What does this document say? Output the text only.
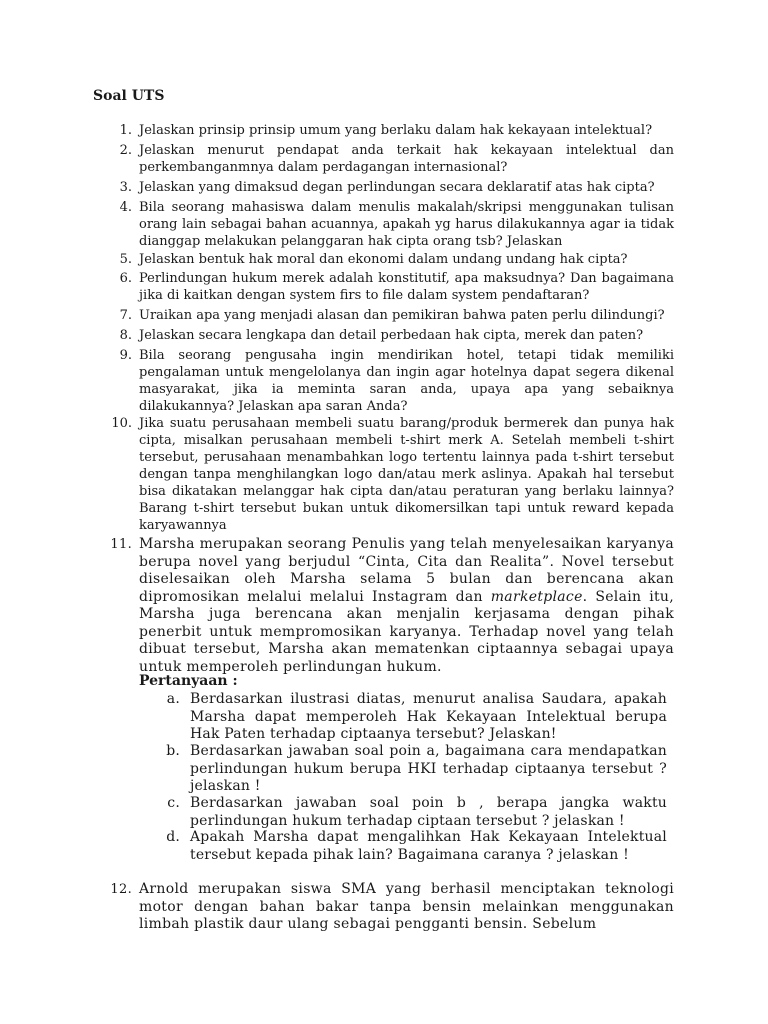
Soal UTS

1. Jelaskan prinsip prinsip umum yang berlaku dalam hak kekayaan intelektual?

2. Jelaskan menurut pendapat anda terkait hak kekayaan intelektual dan perkembanganmnya dalam perdagangan internasional?

3. Jelaskan yang dimaksud degan perlindungan secara deklaratif atas hak cipta?

4. Bila seorang mahasiswa dalam menulis makalah/skripsi menggunakan tulisan orang lain sebagai bahan acuannya, apakah yg harus dilakukannya agar ia tidak dianggap melakukan pelanggaran hak cipta orang tsb? Jelaskan

5. Jelaskan bentuk hak moral dan ekonomi dalam undang undang hak cipta?

6. Perlindungan hukum merek adalah konstitutif, apa maksudnya? Dan bagaimana jika di kaitkan dengan system firs to file dalam system pendaftaran?

7. Uraikan apa yang menjadi alasan dan pemikiran bahwa paten perlu dilindungi?

8. Jelaskan secara lengkapa dan detail perbedaan hak cipta, merek dan paten?

9. Bila seorang pengusaha ingin mendirikan hotel, tetapi tidak memiliki pengalaman untuk mengelolanya dan ingin agar hotelnya dapat segera dikenal masyarakat, jika ia meminta saran anda, upaya apa yang sebaiknya dilakukannya? Jelaskan apa saran Anda?

10. Jika suatu perusahaan membeli suatu barang/produk bermerek dan punya hak cipta, misalkan perusahaan membeli t-shirt merk A. Setelah membeli t-shirt tersebut, perusahaan menambahkan logo tertentu lainnya pada t-shirt tersebut dengan tanpa menghilangkan logo dan/atau merk aslinya. Apakah hal tersebut bisa dikatakan melanggar hak cipta dan/atau peraturan yang berlaku lainnya? Barang t-shirt tersebut bukan untuk dikomersilkan tapi untuk reward kepada karyawannya

11. Marsha merupakan seorang Penulis yang telah menyelesaikan karyanya berupa novel yang berjudul “Cinta, Cita dan Realita”. Novel tersebut diselesaikan oleh Marsha selama 5 bulan dan berencana akan dipromosikan melalui melalui Instagram dan marketplace. Selain itu, Marsha juga berencana akan menjalin kerjasama dengan pihak penerbit untuk mempromosikan karyanya. Terhadap novel yang telah dibuat tersebut, Marsha akan mematenkan ciptaannya sebagai upaya untuk memperoleh perlindungan hukum.

Pertanyaan :

a. Berdasarkan ilustrasi diatas, menurut analisa Saudara, apakah Marsha dapat memperoleh Hak Kekayaan Intelektual berupa Hak Paten terhadap ciptaanya tersebut? Jelaskan!

b. Berdasarkan jawaban soal poin a, bagaimana cara mendapatkan perlindungan hukum berupa HKI terhadap ciptaanya tersebut ? jelaskan !

c. Berdasarkan jawaban soal poin b , berapa jangka waktu perlindungan hukum terhadap ciptaan tersebut ? jelaskan !

d. Apakah Marsha dapat mengalihkan Hak Kekayaan Intelektual tersebut kepada pihak lain? Bagaimana caranya ? jelaskan !

12. Arnold merupakan siswa SMA yang berhasil menciptakan teknologi motor dengan bahan bakar tanpa bensin melainkan menggunakan limbah plastik daur ulang sebagai pengganti bensin. Sebelum
